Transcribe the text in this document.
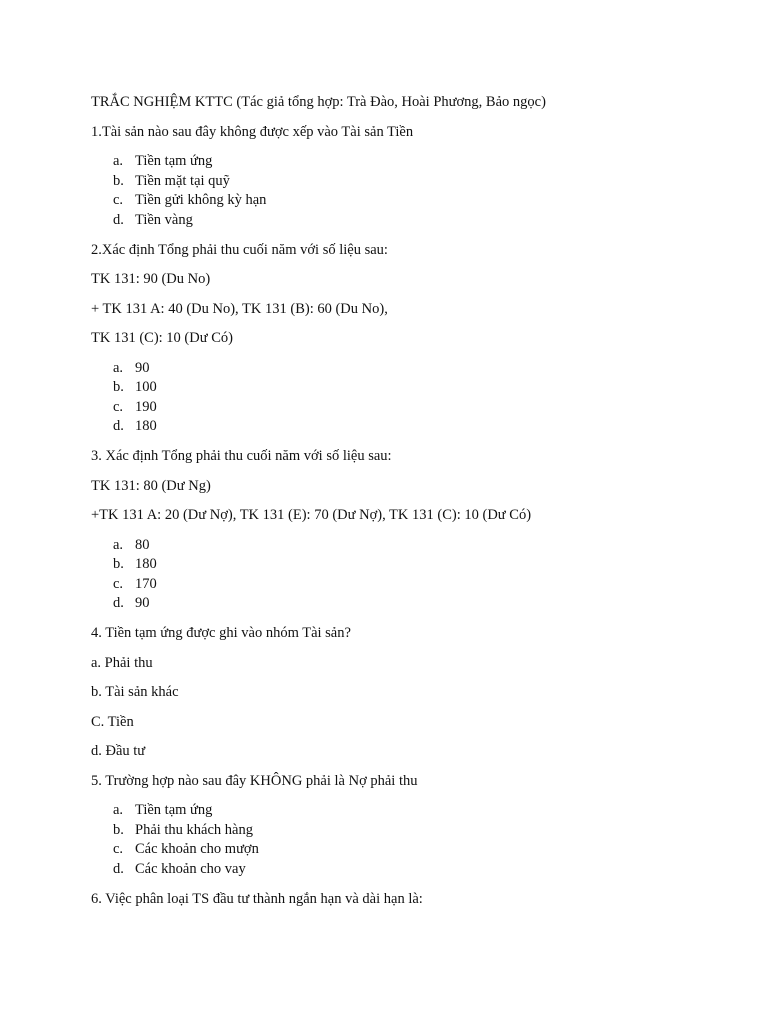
TRẮC NGHIỆM KTTC (Tác giả tổng hợp: Trà Đào, Hoài Phương, Bảo ngọc)
1.Tài sản nào sau đây không được xếp vào Tài sản Tiền
a. Tiền tạm ứng
b. Tiền mặt tại quỹ
c. Tiền gửi không kỳ hạn
d. Tiền vàng
2.Xác định Tổng phải thu cuối năm với số liệu sau:
TK 131: 90 (Du No)
+ TK 131 A: 40 (Du No), TK 131 (B): 60 (Du No),
TK 131 (C): 10 (Dư Có)
a. 90
b. 100
c. 190
d. 180
3. Xác định Tổng phải thu cuối năm với số liệu sau:
TK 131: 80 (Dư Ng)
+TK 131 A: 20 (Dư Nợ), TK 131 (E): 70 (Dư Nợ), TK 131 (C): 10 (Dư Có)
a. 80
b. 180
c. 170
d. 90
4. Tiền tạm ứng được ghi vào nhóm Tài sản?
a. Phải thu
b. Tài sản khác
C. Tiền
d. Đầu tư
5. Trường hợp nào sau đây KHÔNG phải là Nợ phải thu
a. Tiền tạm ứng
b. Phải thu khách hàng
c. Các khoản cho mượn
d. Các khoản cho vay
6. Việc phân loại TS đầu tư thành ngắn hạn và dài hạn là:
